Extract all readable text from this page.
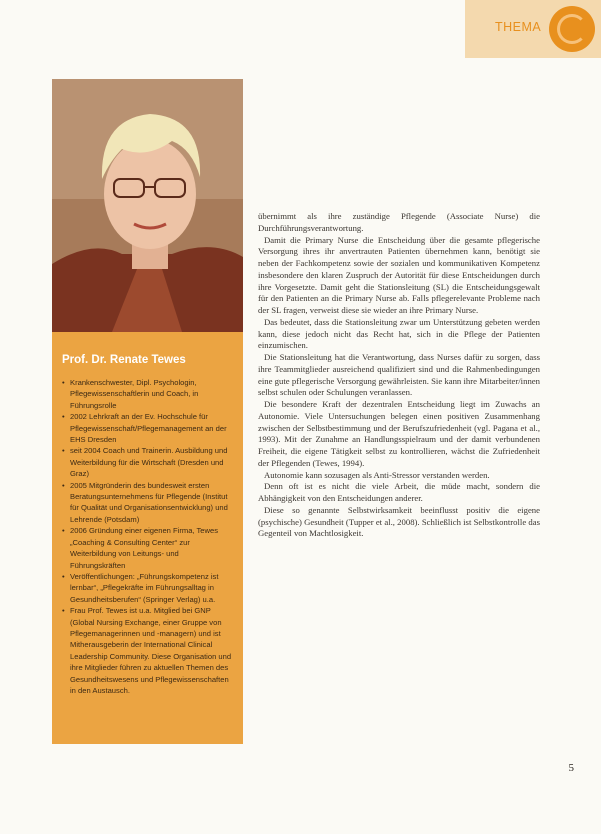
THEMA
Prof. Dr. Renate Tewes
• Krankenschwester, Dipl. Psychologin, Pflegewissenschaftlerin und Coach, in Führungsrolle
• 2002 Lehrkraft an der Ev. Hochschule für Pflegewissenschaft/Pflegemanagement an der EHS Dresden
• seit 2004 Coach und Trainerin. Ausbildung und Weiterbildung für die Wirtschaft (Dresden und Graz)
• 2005 Mitgründerin des bundesweit ersten Beratungsunternehmens für Pflegende (Institut für Qualität und Organisationsentwicklung) und Lehrende (Potsdam)
• 2006 Gründung einer eigenen Firma, Tewes „Coaching & Consulting Center“ zur Weiterbildung von Leitungs- und Führungskräften
• Veröffentlichungen: „Führungskompetenz ist lernbar“, „Pflegekräfte im Führungsalltag in Gesundheitsberufen“ (Springer Verlag) u.a.
• Frau Prof. Tewes ist u.a. Mitglied bei GNP (Global Nursing Exchange, einer Gruppe von Pflegemanagerinnen und -managern) und ist Mitherausgeberin der International Clinical Leadership Community. Diese Organisation und ihre Mitglieder führen zu aktuellen Themen des Gesundheitswesens und Pflegewissenschaften in den Austausch.

übernimmt als ihre zuständige Pflegende (Associate Nurse) die Durchführungsverantwortung.

Damit die Primary Nurse die Entscheidung über die gesamte pflegerische Versorgung ihres ihr anvertrauten Patienten übernehmen kann, benötigt sie neben der Fachkompetenz sowie der sozialen und kommunikativen Kompetenz insbesondere den klaren Zuspruch der Autorität für diese Entscheidungen durch ihre Vorgesetzte. Damit geht die Stationsleitung (SL) die Entscheidungsgewalt für den Patienten an die Primary Nurse ab. Falls pflegerelevante Probleme nach der SL fragen, verweist diese sie wieder an ihre Primary Nurse.

Das bedeutet, dass die Stationsleitung zwar um Unterstützung gebeten werden kann, diese jedoch nicht das Recht hat, sich in die Pflege der Patienten einzumischen.

Die Stationsleitung hat die Verantwortung, dass Nurses dafür zu sorgen, dass ihre Teammitglieder ausreichend qualifiziert sind und die Rahmenbedingungen eine gute pflegerische Versorgung gewährleisten. Sie kann ihre Mitarbeiter/innen selbst schulen oder Schulungen veranlassen.

Die besondere Kraft der dezentralen Entscheidung liegt im Zuwachs an Autonomie. Viele Untersuchungen belegen einen positiven Zusammenhang zwischen der Selbstbestimmung und der Berufszufriedenheit (vgl. Pagana et al., 1993). Mit der Zunahme an Handlungsspielraum und der damit verbundenen Freiheit, die eigene Tätigkeit selbst zu kontrollieren, wächst die Zufriedenheit der Pflegenden (Tewes, 1994).

Autonomie kann sozusagen als Anti-Stressor verstanden werden.

Denn oft ist es nicht die viele Arbeit, die müde macht, sondern die Abhängigkeit von den Entscheidungen anderer.

Diese so genannte Selbstwirksamkeit beeinflusst positiv die eigene (psychische) Gesundheit (Tupper et al., 2008). Schließlich ist Selbstkontrolle das Gegenteil von Machtlosigkeit.

5
